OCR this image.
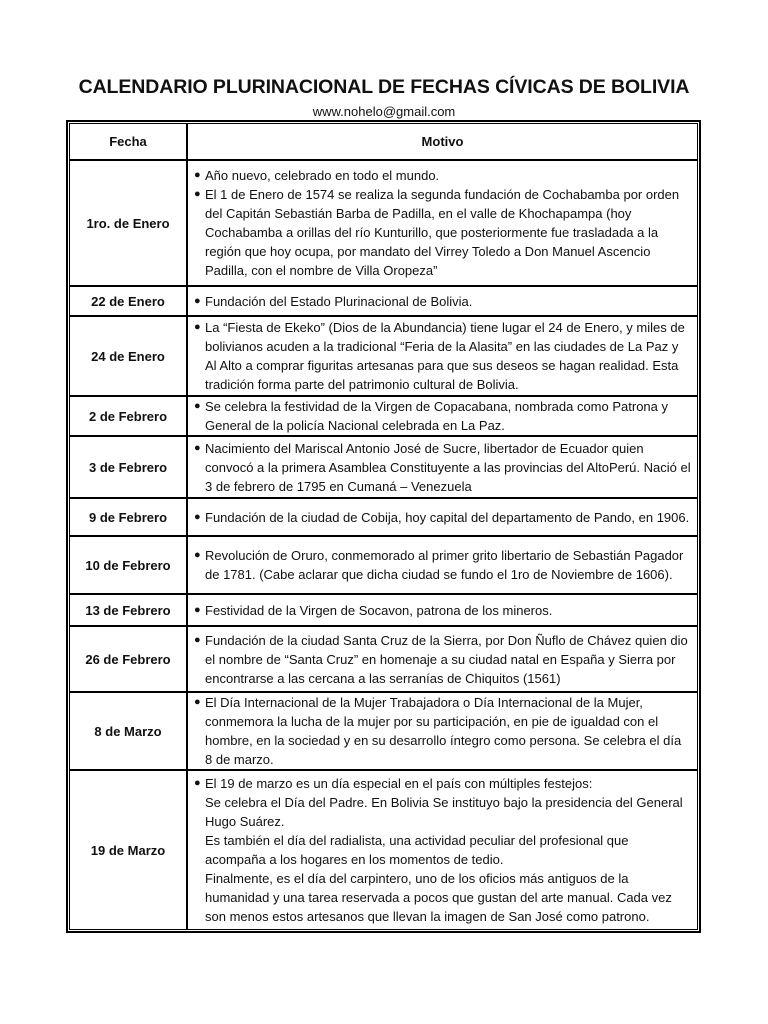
CALENDARIO PLURINACIONAL DE FECHAS CÍVICAS DE BOLIVIA
www.nohelo@gmail.com
Fecha	Motivo
1ro. de Enero	● Año nuevo, celebrado en todo el mundo.
● El 1 de Enero de 1574 se realiza la segunda fundación de Cochabamba por orden del Capitán Sebastián Barba de Padilla, en el valle de Khochapampa (hoy Cochabamba a orillas del río Kunturillo, que posteriormente fue trasladada a la región que hoy ocupa, por mandato del Virrey Toledo a Don Manuel Ascencio Padilla, con el nombre de Villa Oropeza”

22 de Enero	● Fundación del Estado Plurinacional de Bolivia.

24 de Enero	● La “Fiesta de Ekeko” (Dios de la Abundancia) tiene lugar el 24 de Enero, y miles de bolivianos acuden a la tradicional “Feria de la Alasita” en las ciudades de La Paz y Al Alto a comprar figuritas artesanas para que sus deseos se hagan realidad. Esta tradición forma parte del patrimonio cultural de Bolivia.

2 de Febrero	● Se celebra la festividad de la Virgen de Copacabana, nombrada como Patrona y General de la policía Nacional celebrada en La Paz.

3 de Febrero	● Nacimiento del Mariscal Antonio José de Sucre, libertador de Ecuador quien convocó a la primera Asamblea Constituyente a las provincias del AltoPerú. Nació el 3 de febrero de 1795 en Cumaná – Venezuela

9 de Febrero	● Fundación de la ciudad de Cobija, hoy capital del departamento de Pando, en 1906.

10 de Febrero	● Revolución de Oruro, conmemorado al primer grito libertario de Sebastián Pagador de 1781. (Cabe aclarar que dicha ciudad se fundo el 1ro de Noviembre de 1606).

13 de Febrero	● Festividad de la Virgen de Socavon, patrona de los mineros.

26 de Febrero	● Fundación de la ciudad Santa Cruz de la Sierra, por Don Ñuflo de Chávez quien dio el nombre de “Santa Cruz” en homenaje a su ciudad natal en España y Sierra por encontrarse a las cercana a las serranías de Chiquitos (1561)

8 de Marzo	● El Día Internacional de la Mujer Trabajadora o Día Internacional de la Mujer, conmemora la lucha de la mujer por su participación, en pie de igualdad con el hombre, en la sociedad y en su desarrollo íntegro como persona. Se celebra el día 8 de marzo.

19 de Marzo	● El 19 de marzo es un día especial en el país con múltiples festejos:
Se celebra el Día del Padre. En Bolivia Se instituyo bajo la presidencia del General Hugo Suárez.
Es también el día del radialista, una actividad peculiar del profesional que acompaña a los hogares en los momentos de tedio.
Finalmente, es el día del carpintero, uno de los oficios más antiguos de la humanidad y una tarea reservada a pocos que gustan del arte manual. Cada vez son menos estos artesanos que llevan la imagen de San José como patrono.
